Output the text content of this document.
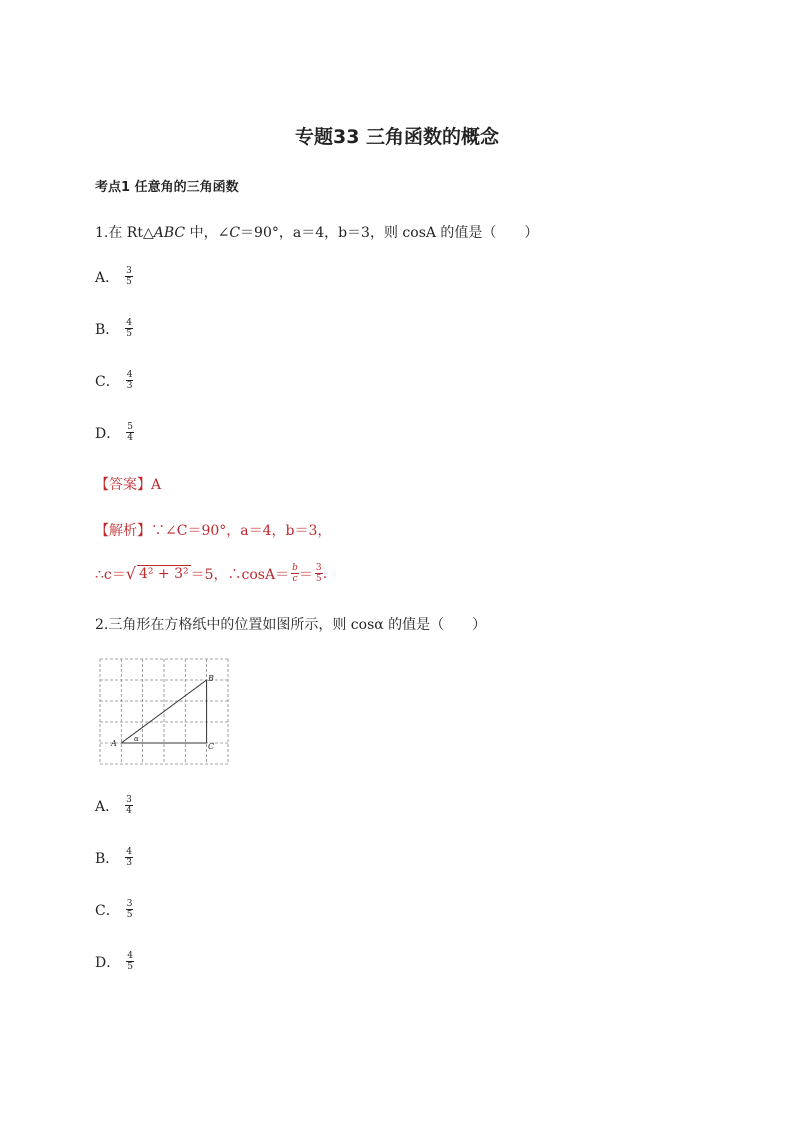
专题33 三角函数的概念
考点1 任意角的三角函数
1.在 Rt△ABC 中，∠C＝90°，a＝4，b＝3，则 cosA 的值是（　　）
A． $\frac{3}{5}$
B． $\frac{4}{5}$
C． $\frac{4}{3}$
D． $\frac{5}{4}$
【答案】A
【解析】∵∠C＝90°，a＝4，b＝3，
∴c＝ √ 4² + 3² ＝5，∴cosA＝ $\frac{b}{c} = \frac{3}{5}$ .
2.三角形在方格纸中的位置如图所示，则 cosα 的值是（　　）
A
B
C
α
A． $\frac{3}{4}$
B． $\frac{4}{3}$
C． $\frac{3}{5}$
D． $\frac{4}{5}$
